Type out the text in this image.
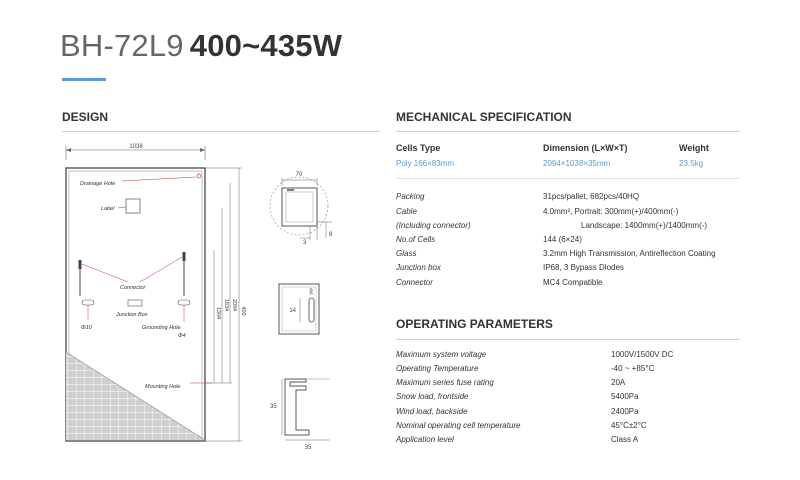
BH-72L9 400~435W
DESIGN	MECHANICAL SPECIFICATION
1038
Drainage Hole
Label
Connector
Junction Box
Φ10	Grounding Hole
Φ4
Mounting Hole
1304
1834 2094 400
70
3
8
9
14
35
35
Cells Type	Dimension (L×W×T)	Weight
Poly 166×83mm	2094×1038×35mm	23.5kg
Packing	31pcs/pallet, 682pcs/40HQ
Cable	4.0mm², Portrait: 300mm(+)/400mm(-)
(Including connector)	Landscape: 1400mm(+)/1400mm(-)
No.of Cells	144 (6×24)
Glass	3.2mm High Transmission, Antireflection Coating
Junction box	IP68, 3 Bypass Diodes
Connector	MC4 Compatible
OPERATING PARAMETERS
Maximum system voltage	1000V/1500V DC
Operating Temperature	-40 ~ +85°C
Maximum series fuse rating	20A
Snow load, frontside	5400Pa
Wind load, backside	2400Pa
Nominal operating cell temperature	45°C±2°C
Application level	Class A
